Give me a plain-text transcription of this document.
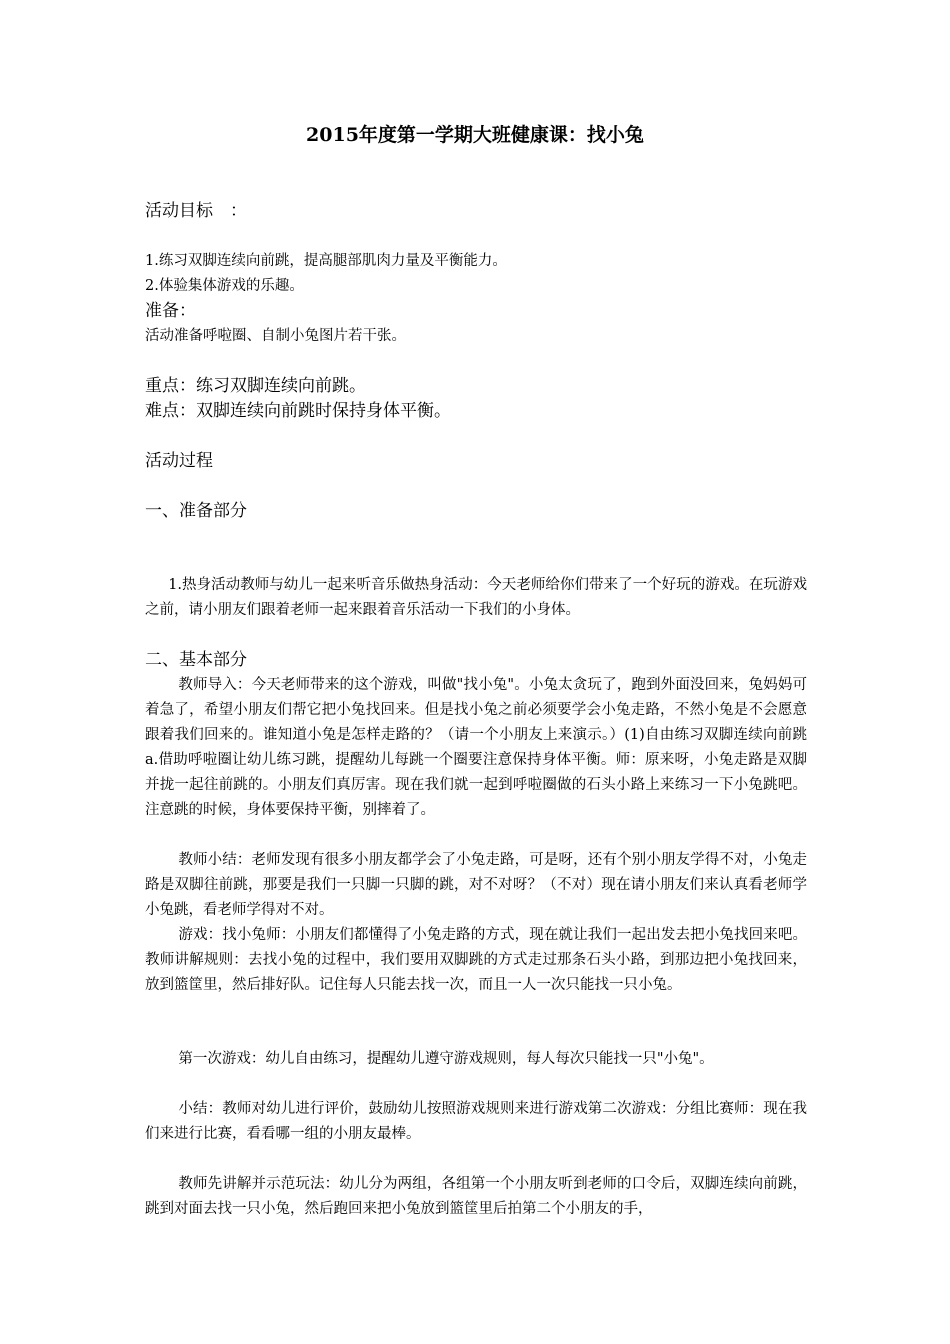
2015年度第一学期大班健康课：找小兔
活动目标　：
1.练习双脚连续向前跳，提高腿部肌肉力量及平衡能力。
2.体验集体游戏的乐趣。
准备：
活动准备呼啦圈、自制小兔图片若干张。
重点：练习双脚连续向前跳。
难点：双脚连续向前跳时保持身体平衡。
活动过程
一、准备部分

1.热身活动教师与幼儿一起来听音乐做热身活动：今天老师给你们带来了一个好玩的游戏。在玩游戏之前，请小朋友们跟着老师一起来跟着音乐活动一下我们的小身体。

二、基本部分

教师导入：今天老师带来的这个游戏，叫做"找小兔"。小兔太贪玩了，跑到外面没回来，兔妈妈可着急了，希望小朋友们帮它把小兔找回来。但是找小兔之前必须要学会小兔走路，不然小兔是不会愿意跟着我们回来的。谁知道小兔是怎样走路的？（请一个小朋友上来演示。）(1)自由练习双脚连续向前跳 a.借助呼啦圈让幼儿练习跳，提醒幼儿每跳一个圈要注意保持身体平衡。师：原来呀，小兔走路是双脚并拢一起往前跳的。小朋友们真厉害。现在我们就一起到呼啦圈做的石头小路上来练习一下小兔跳吧。注意跳的时候，身体要保持平衡，别摔着了。

教师小结：老师发现有很多小朋友都学会了小兔走路，可是呀，还有个别小朋友学得不对，小兔走路是双脚往前跳，那要是我们一只脚一只脚的跳，对不对呀？（不对）现在请小朋友们来认真看老师学小兔跳，看老师学得对不对。

游戏：找小兔师：小朋友们都懂得了小兔走路的方式，现在就让我们一起出发去把小兔找回来吧。教师讲解规则：去找小兔的过程中，我们要用双脚跳的方式走过那条石头小路，到那边把小兔找回来，放到篮筐里，然后排好队。记住每人只能去找一次，而且一人一次只能找一只小兔。

第一次游戏：幼儿自由练习，提醒幼儿遵守游戏规则，每人每次只能找一只"小兔"。

小结：教师对幼儿进行评价，鼓励幼儿按照游戏规则来进行游戏第二次游戏：分组比赛师：现在我们来进行比赛，看看哪一组的小朋友最棒。

教师先讲解并示范玩法：幼儿分为两组，各组第一个小朋友听到老师的口令后，双脚连续向前跳，跳到对面去找一只小兔，然后跑回来把小兔放到篮筐里后拍第二个小朋友的手，
